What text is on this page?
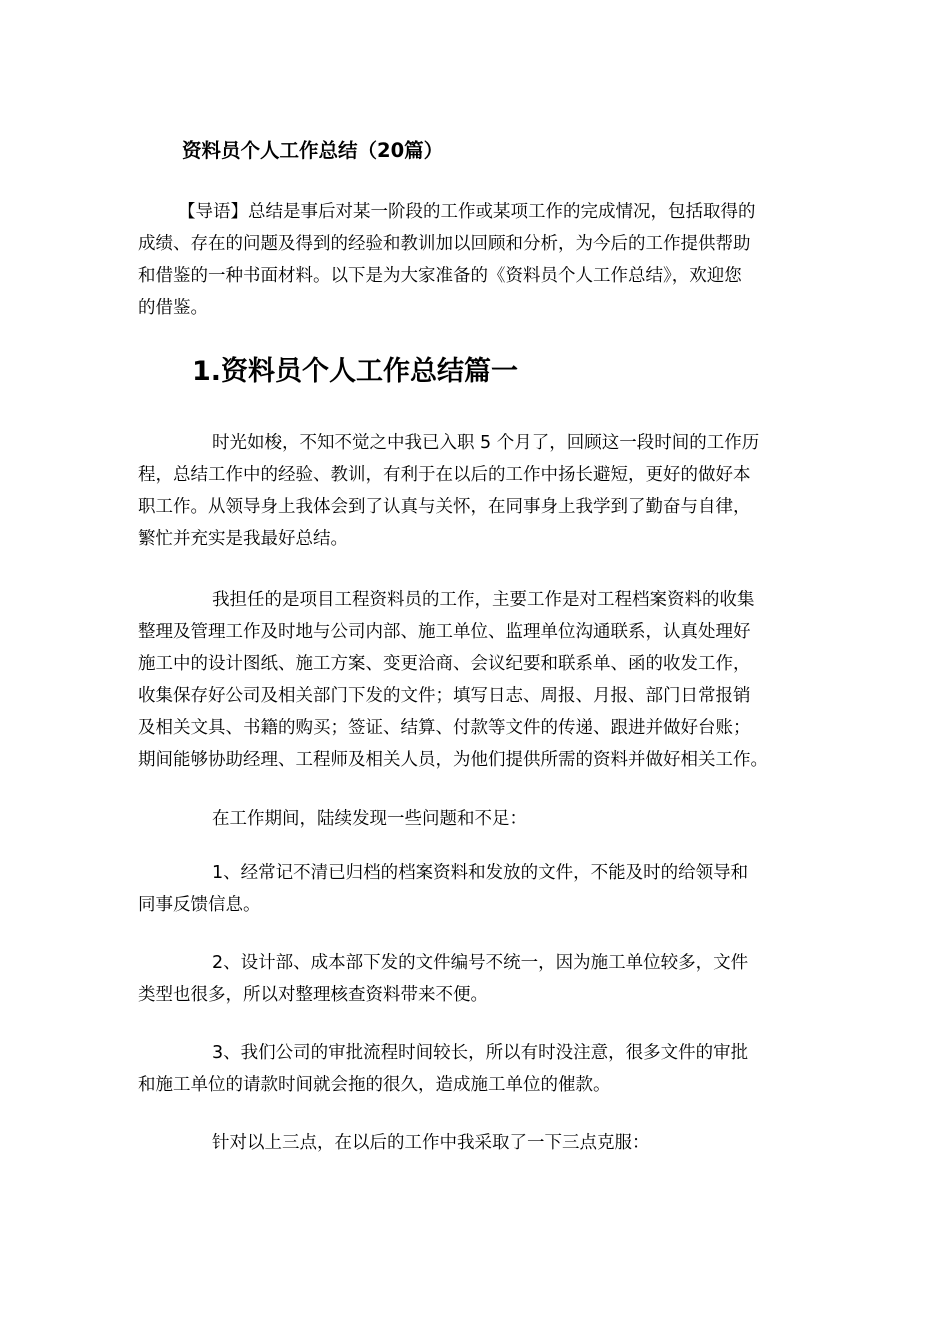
资料员个人工作总结（20篇）
【导语】总结是事后对某一阶段的工作或某项工作的完成情况，包括取得的
成绩、存在的问题及得到的经验和教训加以回顾和分析，为今后的工作提供帮助
和借鉴的一种书面材料。以下是为大家准备的《资料员个人工作总结》，欢迎您
的借鉴。
1.资料员个人工作总结篇一
时光如梭，不知不觉之中我已入职 5 个月了，回顾这一段时间的工作历
程，总结工作中的经验、教训，有利于在以后的工作中扬长避短，更好的做好本
职工作。从领导身上我体会到了认真与关怀，在同事身上我学到了勤奋与自律，
繁忙并充实是我最好总结。
我担任的是项目工程资料员的工作，主要工作是对工程档案资料的收集
整理及管理工作及时地与公司内部、施工单位、监理单位沟通联系，认真处理好
施工中的设计图纸、施工方案、变更洽商、会议纪要和联系单、函的收发工作，
收集保存好公司及相关部门下发的文件；填写日志、周报、月报、部门日常报销
及相关文具、书籍的购买；签证、结算、付款等文件的传递、跟进并做好台账；
期间能够协助经理、工程师及相关人员，为他们提供所需的资料并做好相关工作。
在工作期间，陆续发现一些问题和不足：
1、经常记不清已归档的档案资料和发放的文件，不能及时的给领导和
同事反馈信息。
2、设计部、成本部下发的文件编号不统一，因为施工单位较多，文件
类型也很多，所以对整理核查资料带来不便。
3、我们公司的审批流程时间较长，所以有时没注意，很多文件的审批
和施工单位的请款时间就会拖的很久，造成施工单位的催款。
针对以上三点，在以后的工作中我采取了一下三点克服：
